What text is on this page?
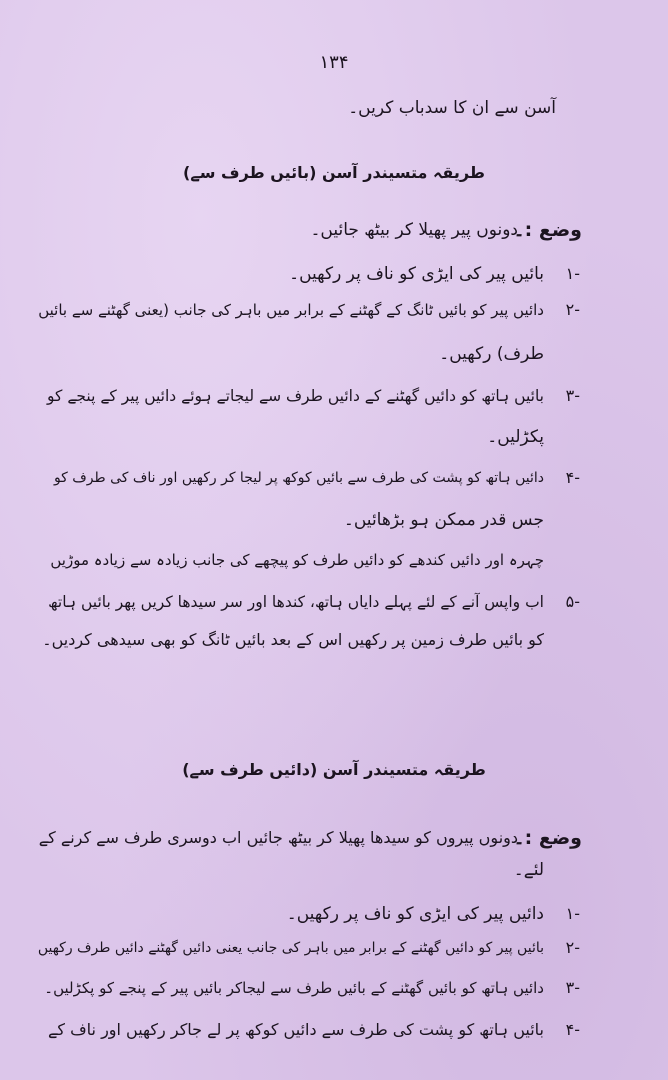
۱۳۴
آسن سے ان کا سدباب کریں۔
طریقہ متسیندر آسن (بائیں طرف سے)
وضع :۔
دونوں پیر پھیلا کر بیٹھ جائیں۔
۱-
بائیں پیر کی ایڑی کو ناف پر رکھیں۔
۲-
دائیں پیر کو بائیں ٹانگ کے گھٹنے کے برابر میں باہر کی جانب (یعنی گھٹنے سے بائیں
طرف) رکھیں۔
۳-
بائیں ہاتھ کو دائیں گھٹنے کے دائیں طرف سے لیجاتے ہوئے دائیں پیر کے پنجے کو
پکڑلیں۔
۴-
دائیں ہاتھ کو پشت کی طرف سے بائیں کوکھ پر لیجا کر رکھیں اور ناف کی طرف کو
جس قدر ممکن ہو بڑھائیں۔
چہرہ اور دائیں کندھے کو دائیں طرف کو پیچھے کی جانب زیادہ سے زیادہ موڑیں
۵-
اب واپس آنے کے لئے پہلے دایاں ہاتھ، کندھا اور سر سیدھا کریں پھر بائیں ہاتھ
کو بائیں طرف زمین پر رکھیں اس کے بعد بائیں ٹانگ کو بھی سیدھی کردیں۔
طریقہ متسیندر آسن (دائیں طرف سے)
وضع :۔
دونوں پیروں کو سیدھا پھیلا کر بیٹھ جائیں اب دوسری طرف سے کرنے کے
لئے۔
۱-
دائیں پیر کی ایڑی کو ناف پر رکھیں۔
۲-
بائیں پیر کو دائیں گھٹنے کے برابر میں باہر کی جانب یعنی دائیں گھٹنے دائیں طرف رکھیں
۳-
دائیں ہاتھ کو بائیں گھٹنے کے بائیں طرف سے لیجاکر بائیں پیر کے پنجے کو پکڑلیں۔
۴-
بائیں ہاتھ کو پشت کی طرف سے دائیں کوکھ پر لے جاکر رکھیں اور ناف کے
